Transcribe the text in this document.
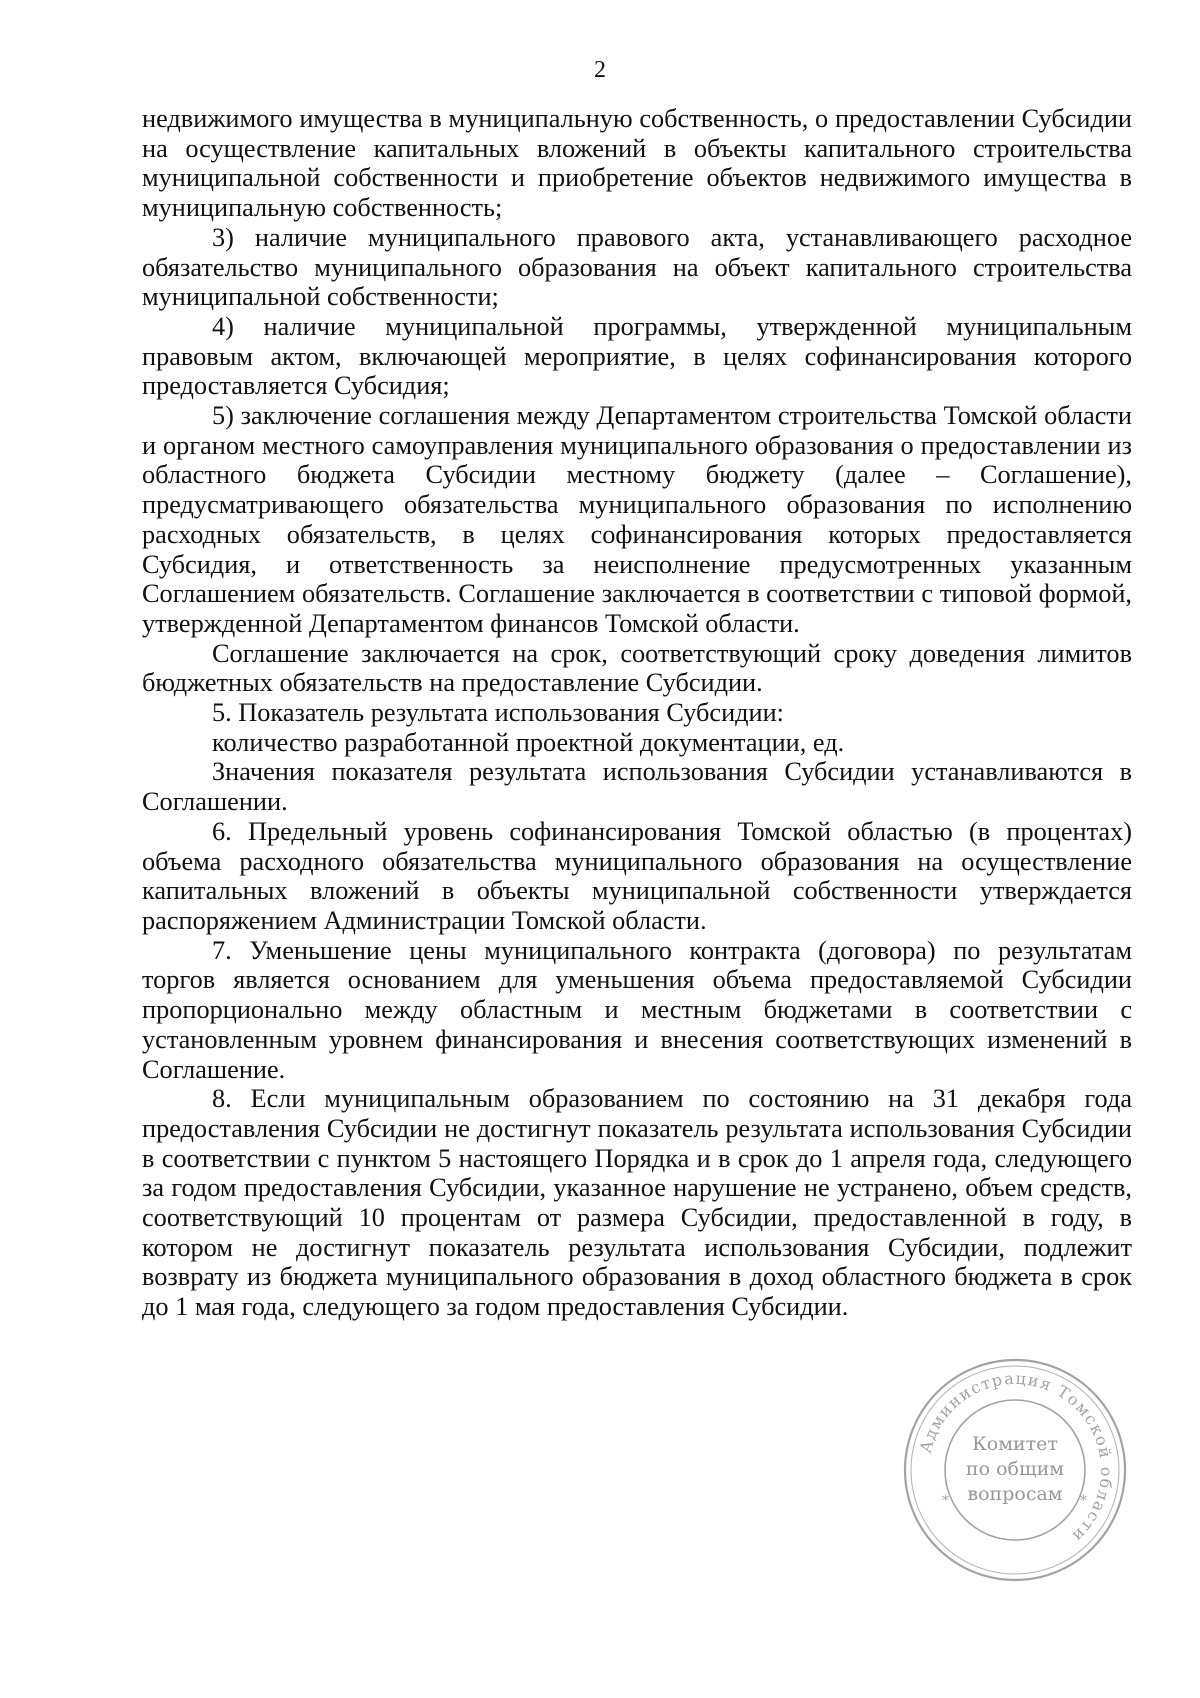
2

недвижимого имущества в муниципальную собственность, о предоставлении Субсидии на осуществление капитальных вложений в объекты капитального строительства муниципальной собственности и приобретение объектов недвижимого имущества в муниципальную собственность;

3) наличие муниципального правового акта, устанавливающего расходное обязательство муниципального образования на объект капитального строительства муниципальной собственности;

4) наличие муниципальной программы, утвержденной муниципальным правовым актом, включающей мероприятие, в целях софинансирования которого предоставляется Субсидия;

5) заключение соглашения между Департаментом строительства Томской области и органом местного самоуправления муниципального образования о предоставлении из областного бюджета Субсидии местному бюджету (далее – Соглашение), предусматривающего обязательства муниципального образования по исполнению расходных обязательств, в целях софинансирования которых предоставляется Субсидия, и ответственность за неисполнение предусмотренных указанным Соглашением обязательств. Соглашение заключается в соответствии с типовой формой, утвержденной Департаментом финансов Томской области.

Соглашение заключается на срок, соответствующий сроку доведения лимитов бюджетных обязательств на предоставление Субсидии.

5. Показатель результата использования Субсидии:

количество разработанной проектной документации, ед.

Значения показателя результата использования Субсидии устанавливаются в Соглашении.

6. Предельный уровень софинансирования Томской областью (в процентах) объема расходного обязательства муниципального образования на осуществление капитальных вложений в объекты муниципальной собственности утверждается распоряжением Администрации Томской области.

7. Уменьшение цены муниципального контракта (договора) по результатам торгов является основанием для уменьшения объема предоставляемой Субсидии пропорционально между областным и местным бюджетами в соответствии с установленным уровнем финансирования и внесения соответствующих изменений в Соглашение.

8. Если муниципальным образованием по состоянию на 31 декабря года предоставления Субсидии не достигнут показатель результата использования Субсидии в соответствии с пунктом 5 настоящего Порядка и в срок до 1 апреля года, следующего за годом предоставления Субсидии, указанное нарушение не устранено, объем средств, соответствующий 10 процентам от размера Субсидии, предоставленной в году, в котором не достигнут показатель результата использования Субсидии, подлежит возврату из бюджета муниципального образования в доход областного бюджета в срок до 1 мая года, следующего за годом предоставления Субсидии.

Администрация Томской области
*	*
Комитет
по общим
вопросам
